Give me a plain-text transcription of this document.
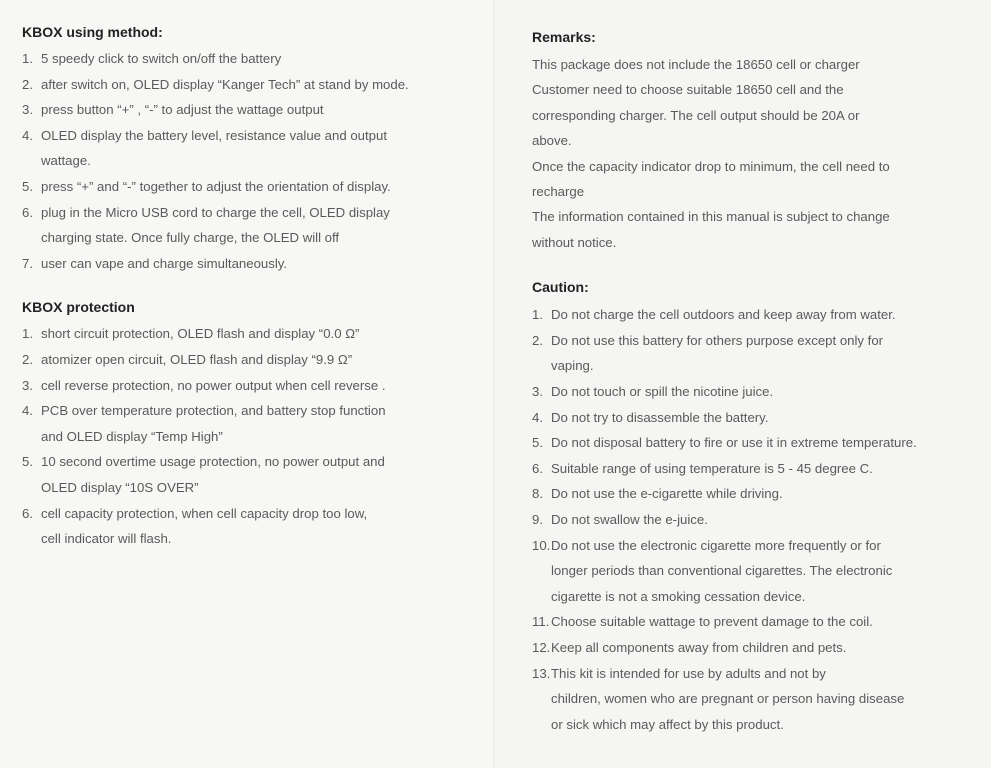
KBOX using method:
1. 5 speedy click to switch on/off the battery
2. after switch on, OLED display “Kanger Tech” at stand by mode.
3. press button “+” , “-” to adjust the wattage output
4. OLED display the battery level, resistance value and output
wattage.
5. press “+” and “-” together to adjust the orientation of display.
6. plug in the Micro USB cord to charge the cell, OLED display
charging state. Once fully charge, the OLED will off
7. user can vape and charge simultaneously.
KBOX protection
1. short circuit protection, OLED flash and display “0.0 Ω”
2. atomizer open circuit, OLED flash and display “9.9 Ω”
3. cell reverse protection, no power output when cell reverse .
4. PCB over temperature protection, and battery stop function
and OLED display “Temp High”
5. 10 second overtime usage protection, no power output and
OLED display “10S OVER”
6. cell capacity protection, when cell capacity drop too low,
cell indicator will flash.
Remarks:

This package does not include the 18650 cell or charger

Customer need to choose suitable 18650 cell and the

corresponding charger. The cell output should be 20A or

above.

Once the capacity indicator drop to minimum, the cell need to

recharge

The information contained in this manual is subject to change

without notice.

Caution:
1. Do not charge the cell outdoors and keep away from water.
2. Do not use this battery for others purpose except only for
vaping.
3. Do not touch or spill the nicotine juice.
4. Do not try to disassemble the battery.
5. Do not disposal battery to fire or use it in extreme temperature.
6. Suitable range of using temperature is 5 - 45 degree C.
8. Do not use the e-cigarette while driving.
9. Do not swallow the e-juice.
10. Do not use the electronic cigarette more frequently or for
longer periods than conventional cigarettes. The electronic
cigarette is not a smoking cessation device.
11. Choose suitable wattage to prevent damage to the coil.
12. Keep all components away from children and pets.
13. This kit is intended for use by adults and not by
children, women who are pregnant or person having disease
or sick which may affect by this product.
